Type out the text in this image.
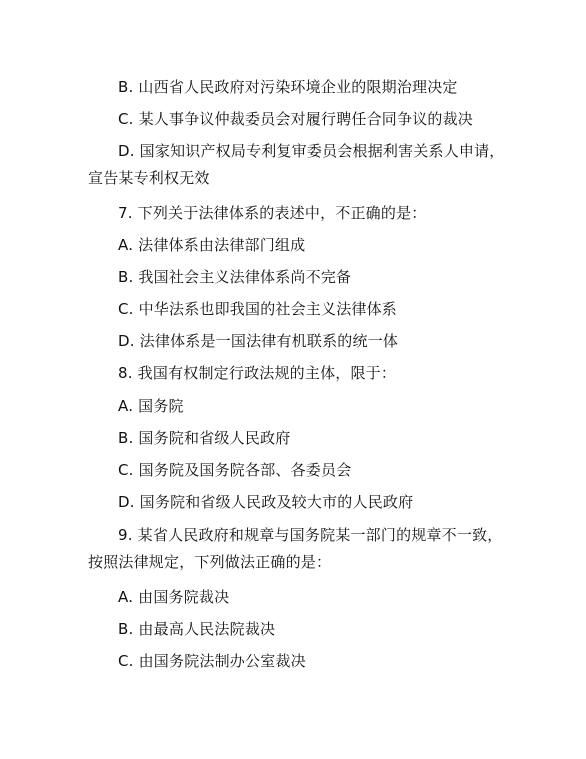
B. 山西省人民政府对污染环境企业的限期治理决定
C. 某人事争议仲裁委员会对履行聘任合同争议的裁决
D. 国家知识产权局专利复审委员会根据利害关系人申请，
宣告某专利权无效
7. 下列关于法律体系的表述中，不正确的是：
A. 法律体系由法律部门组成
B. 我国社会主义法律体系尚不完备
C. 中华法系也即我国的社会主义法律体系
D. 法律体系是一国法律有机联系的统一体
8. 我国有权制定行政法规的主体，限于：
A. 国务院
B. 国务院和省级人民政府
C. 国务院及国务院各部、各委员会
D. 国务院和省级人民政及较大市的人民政府
9. 某省人民政府和规章与国务院某一部门的规章不一致，
按照法律规定，下列做法正确的是：
A. 由国务院裁决
B. 由最高人民法院裁决
C. 由国务院法制办公室裁决
